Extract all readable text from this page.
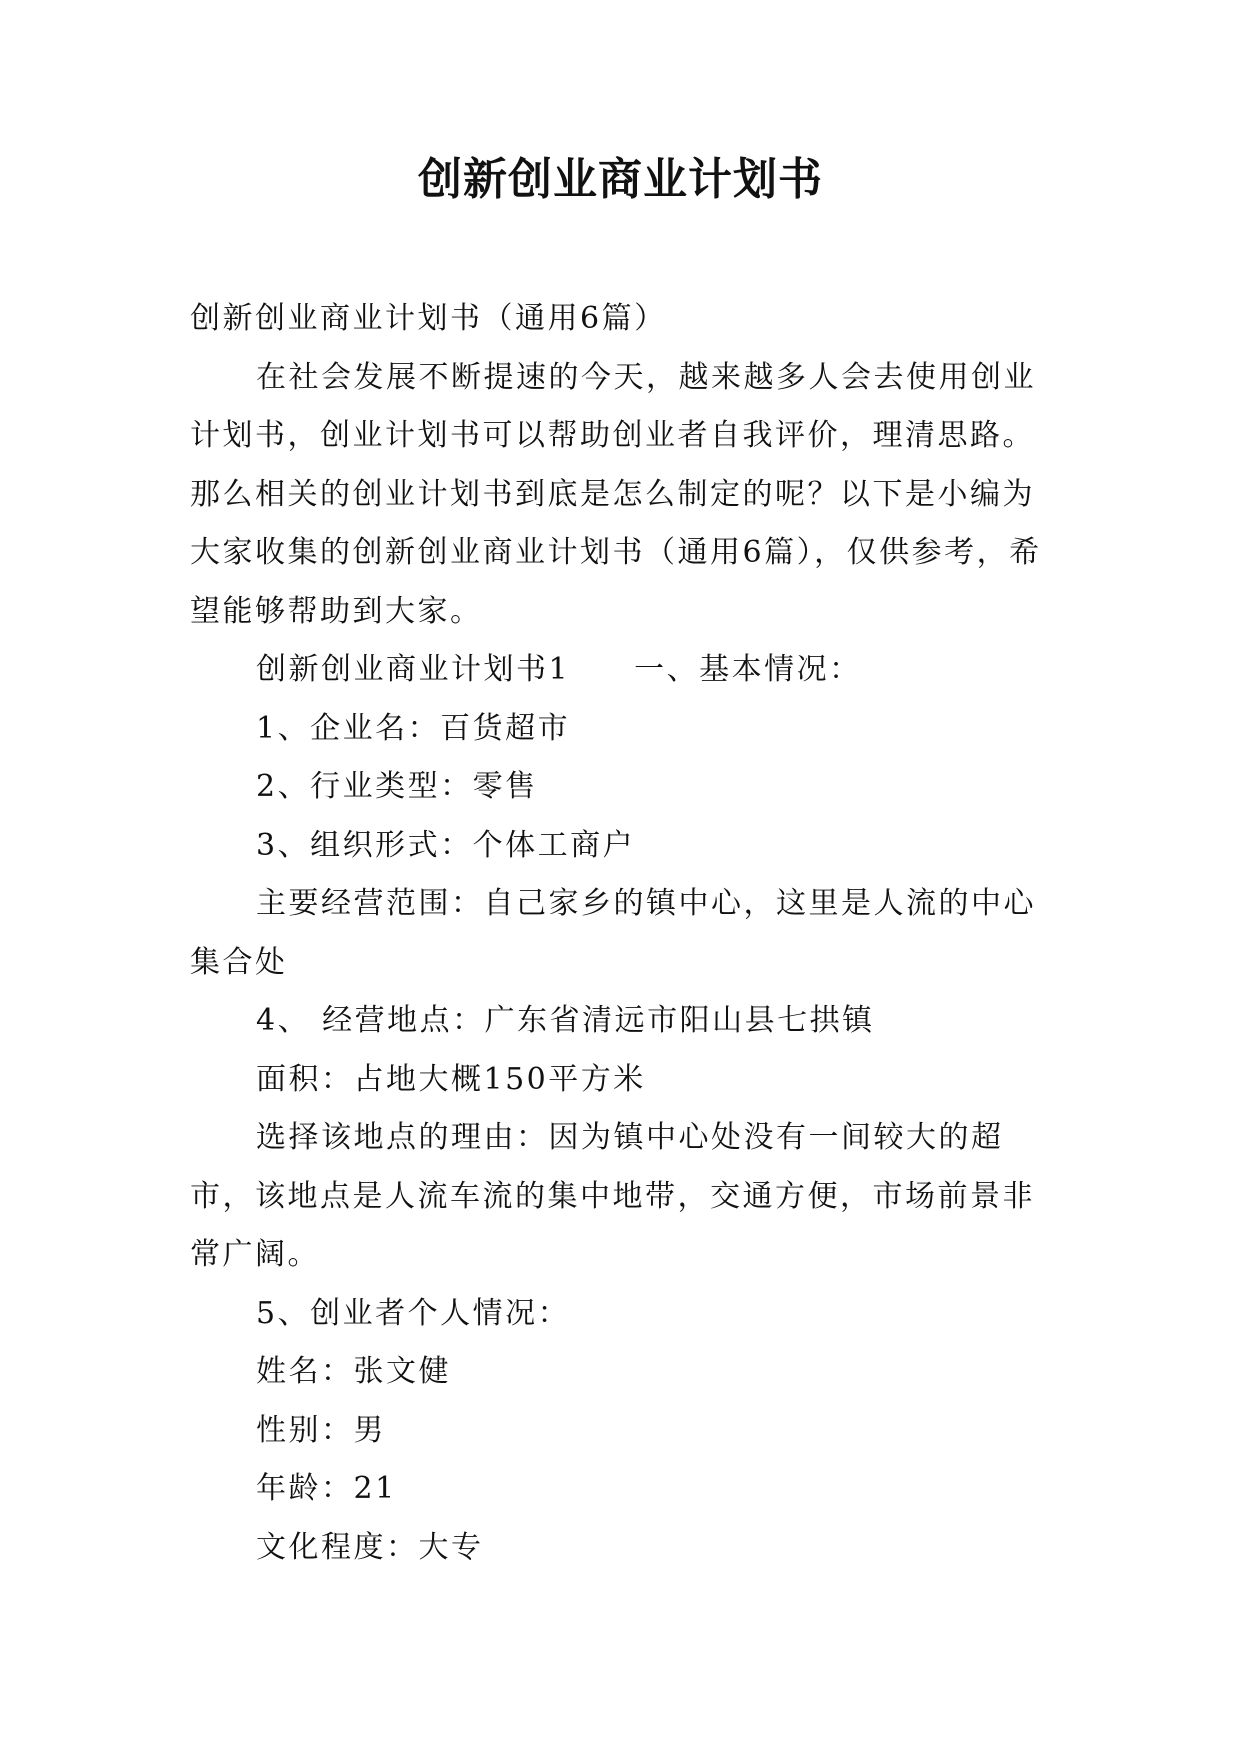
创新创业商业计划书

创新创业商业计划书（通用6篇）

在社会发展不断提速的今天，越来越多人会去使用创业计划书，创业计划书可以帮助创业者自我评价，理清思路。那么相关的创业计划书到底是怎么制定的呢？以下是小编为大家收集的创新创业商业计划书（通用6篇），仅供参考，希望能够帮助到大家。

创新创业商业计划书1 一、基本情况：

1、企业名：百货超市

2、行业类型：零售

3、组织形式：个体工商户

主要经营范围：自己家乡的镇中心，这里是人流的中心集合处

4、 经营地点：广东省清远市阳山县七拱镇

面积：占地大概150平方米

选择该地点的理由：因为镇中心处没有一间较大的超市，该地点是人流车流的集中地带，交通方便，市场前景非常广阔。

5、创业者个人情况：

姓名：张文健

性别：男

年龄：21

文化程度：大专
